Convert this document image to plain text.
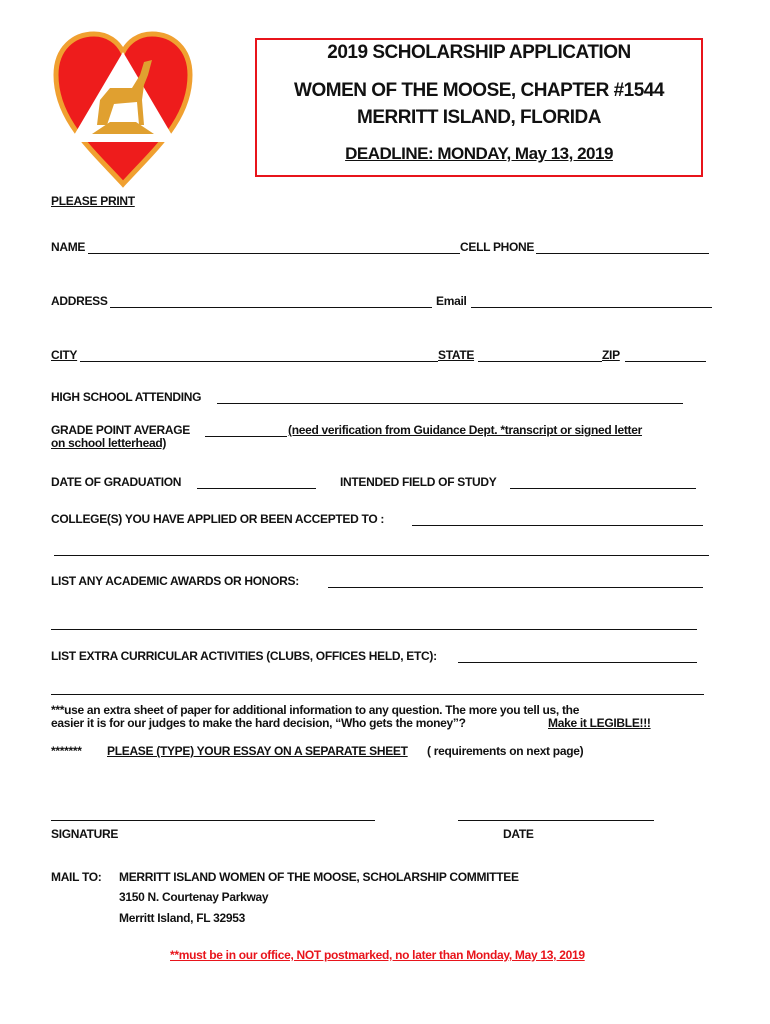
2019 SCHOLARSHIP APPLICATION
WOMEN OF THE MOOSE, CHAPTER #1544
MERRITT ISLAND, FLORIDA
DEADLINE: MONDAY, May 13, 2019
PLEASE PRINT
NAME	CELL PHONE
ADDRESS	Email
CITY	STATE	ZIP
HIGH SCHOOL ATTENDING
GRADE POINT AVERAGE	(need verification from Guidance Dept. *transcript or signed letter
on school letterhead)
DATE OF GRADUATION	INTENDED FIELD OF STUDY
COLLEGE(S) YOU HAVE APPLIED OR BEEN ACCEPTED TO :
LIST ANY ACADEMIC AWARDS OR HONORS:
LIST EXTRA CURRICULAR ACTIVITIES (CLUBS, OFFICES HELD, ETC):
***use an extra sheet of paper for additional information to any question. The more you tell us, the
easier it is for our judges to make the hard decision, “Who gets the money”?	Make it LEGIBLE!!!
******* PLEASE (TYPE) YOUR ESSAY ON A SEPARATE SHEET ( requirements on next page)
SIGNATURE	DATE
MAIL TO: MERRITT ISLAND WOMEN OF THE MOOSE, SCHOLARSHIP COMMITTEE
3150 N. Courtenay Parkway
Merritt Island, FL 32953
**must be in our office, NOT postmarked, no later than Monday, May 13, 2019
